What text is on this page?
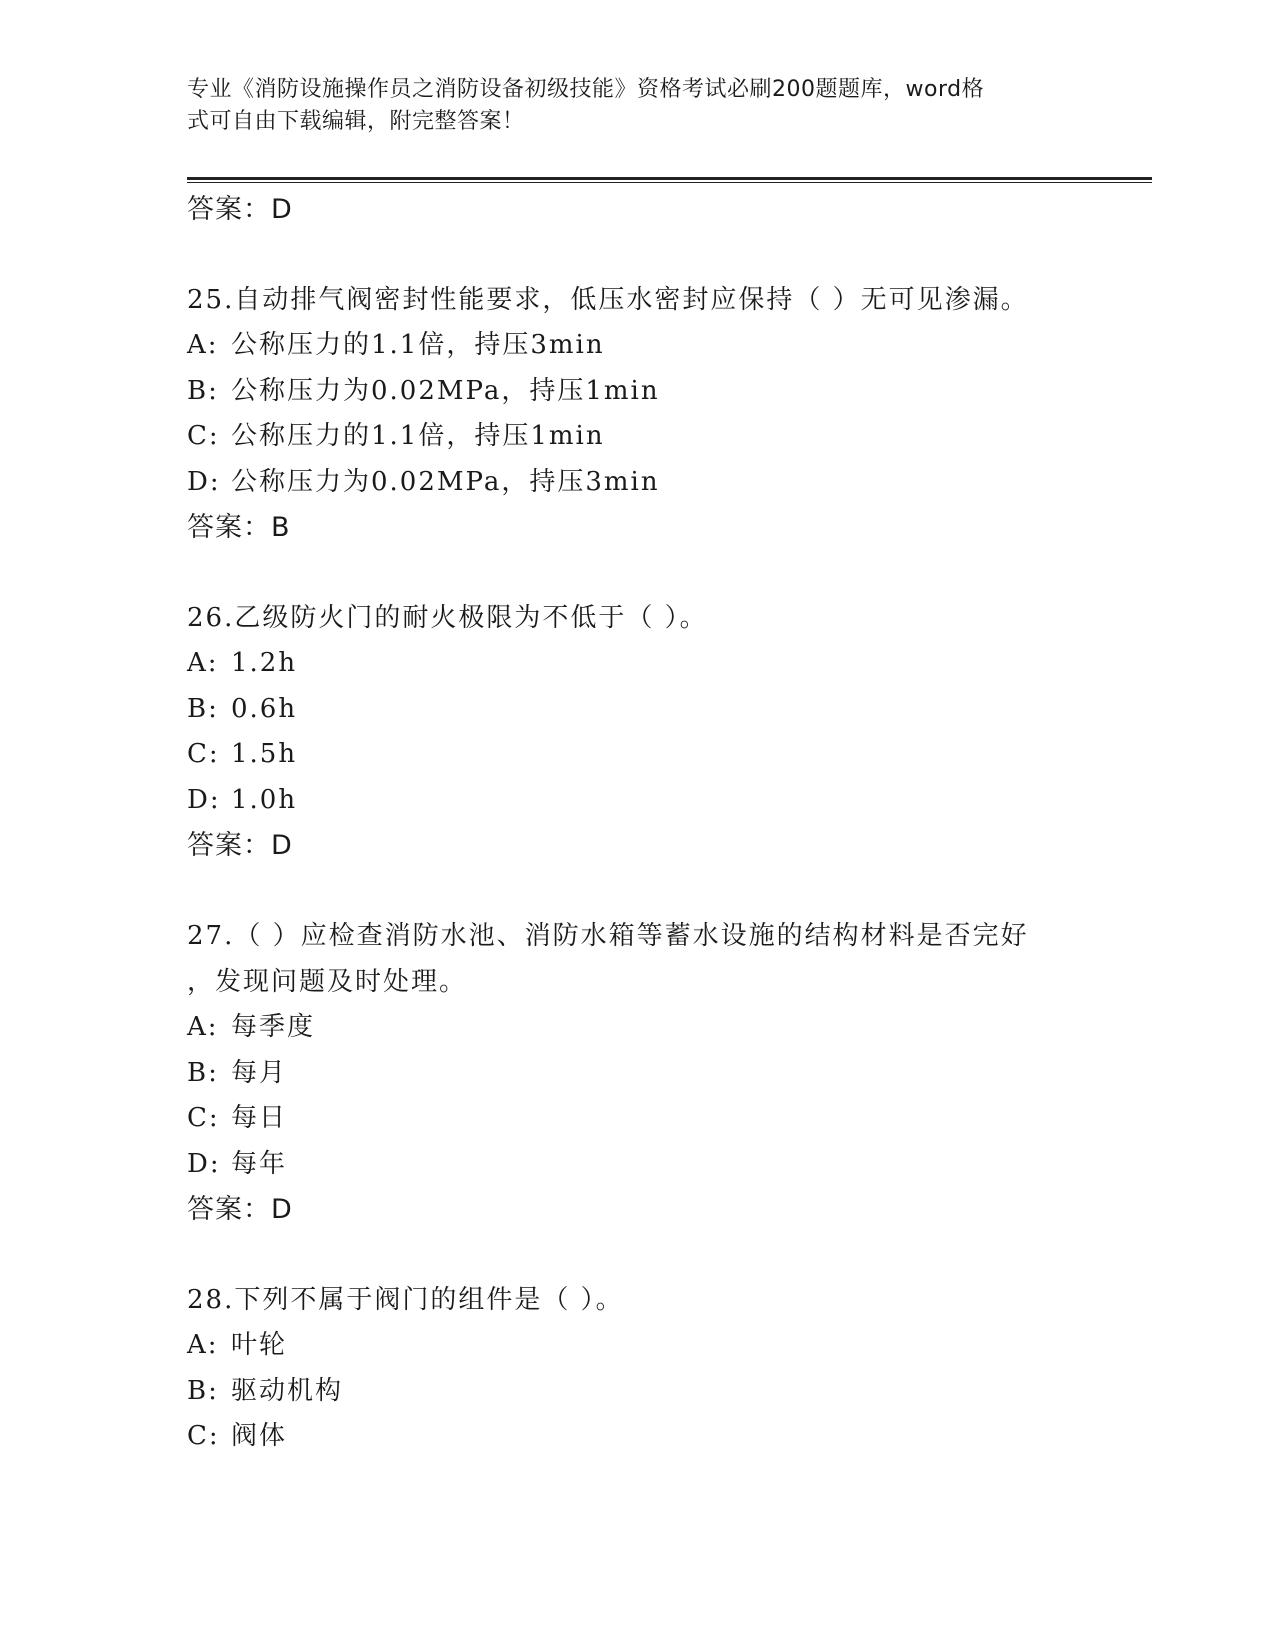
专业《消防设施操作员之消防设备初级技能》资格考试必刷200题题库，word格
式可自由下载编辑，附完整答案！
答案：D
25.自动排气阀密封性能要求，低压水密封应保持（ ）无可见渗漏。
A: 公称压力的1.1倍，持压3min
B: 公称压力为0.02MPa，持压1min
C: 公称压力的1.1倍，持压1min
D: 公称压力为0.02MPa，持压3min
答案：B
26.乙级防火门的耐火极限为不低于（ ）。
A: 1.2h
B: 0.6h
C: 1.5h
D: 1.0h
答案：D
27.（ ）应检查消防水池、消防水箱等蓄水设施的结构材料是否完好
，发现问题及时处理。
A: 每季度
B: 每月
C: 每日
D: 每年
答案：D
28.下列不属于阀门的组件是（ ）。
A: 叶轮
B: 驱动机构
C: 阀体
